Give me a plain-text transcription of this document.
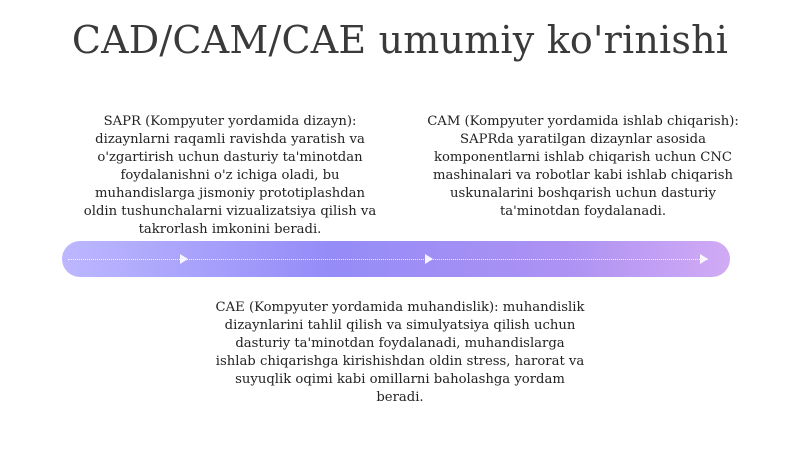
CAD/CAM/CAE umumiy ko'rinishi
SAPR (Kompyuter yordamida dizayn): dizaynlarni raqamli ravishda yaratish va o'zgartirish uchun dasturiy ta'minotdan foydalanishni o'z ichiga oladi, bu muhandislarga jismoniy prototiplashdan oldin tushunchalarni vizualizatsiya qilish va takrorlash imkonini beradi.
CAM (Kompyuter yordamida ishlab chiqarish): SAPRda yaratilgan dizaynlar asosida komponentlarni ishlab chiqarish uchun CNC mashinalari va robotlar kabi ishlab chiqarish uskunalarini boshqarish uchun dasturiy ta'minotdan foydalanadi.
CAE (Kompyuter yordamida muhandislik): muhandislik dizaynlarini tahlil qilish va simulyatsiya qilish uchun dasturiy ta'minotdan foydalanadi, muhandislarga ishlab chiqarishga kirishishdan oldin stress, harorat va suyuqlik oqimi kabi omillarni baholashga yordam beradi.
